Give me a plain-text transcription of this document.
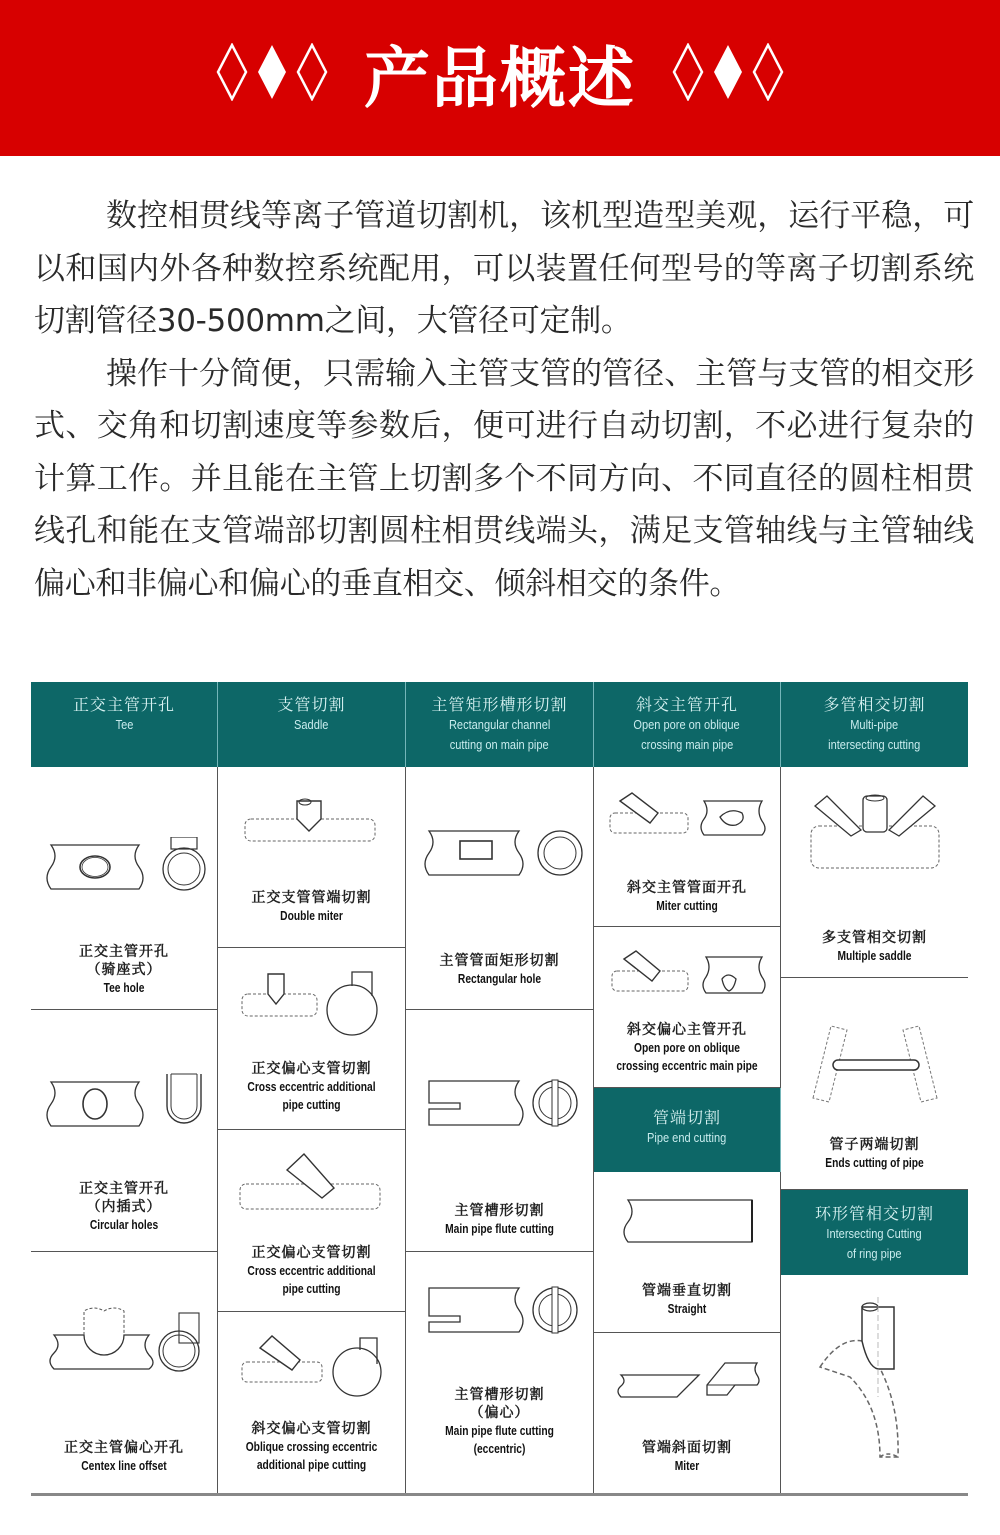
产品概述

数控相贯线等离子管道切割机，该机型造型美观，运行平稳，可以和国内外各种数控系统配用，可以装置任何型号的等离子切割系统切割管径30-500mm之间，大管径可定制。

操作十分简便，只需输入主管支管的管径、主管与支管的相交形式、交角和切割速度等参数后，便可进行自动切割，不必进行复杂的计算工作。并且能在主管上切割多个不同方向、不同直径的圆柱相贯线孔和能在支管端部切割圆柱相贯线端头，满足支管轴线与主管轴线偏心和非偏心和偏心的垂直相交、倾斜相交的条件。

正交主管开孔
Tee
支管切割
Saddle
主管矩形槽形切割
Rectangular channel
cutting on main pipe
斜交主管开孔
Open pore on oblique
crossing main pipe
多管相交切割
Multi-pipe
intersecting cutting
正交主管开孔
（骑座式）
Tee hole
正交主管开孔
（内插式）
Circular holes
正交主管偏心开孔
Centex line offset
正交支管管端切割
Double miter
正交偏心支管切割
Cross eccentric additional
pipe cutting
正交偏心支管切割
Cross eccentric additional
pipe cutting
斜交偏心支管切割
Oblique crossing eccentric
additional pipe cutting
主管管面矩形切割
Rectangular hole
主管槽形切割
Main pipe flute cutting
主管槽形切割
（偏心）
Main pipe flute cutting
(eccentric)
斜交主管管面开孔
Miter cutting
斜交偏心主管开孔
Open pore on oblique
crossing eccentric main pipe
管端切割
Pipe end cutting
管端垂直切割
Straight
管端斜面切割
Miter
多支管相交切割
Multiple saddle
管子两端切割
Ends cutting of pipe
环形管相交切割
Intersecting Cutting
of ring pipe
